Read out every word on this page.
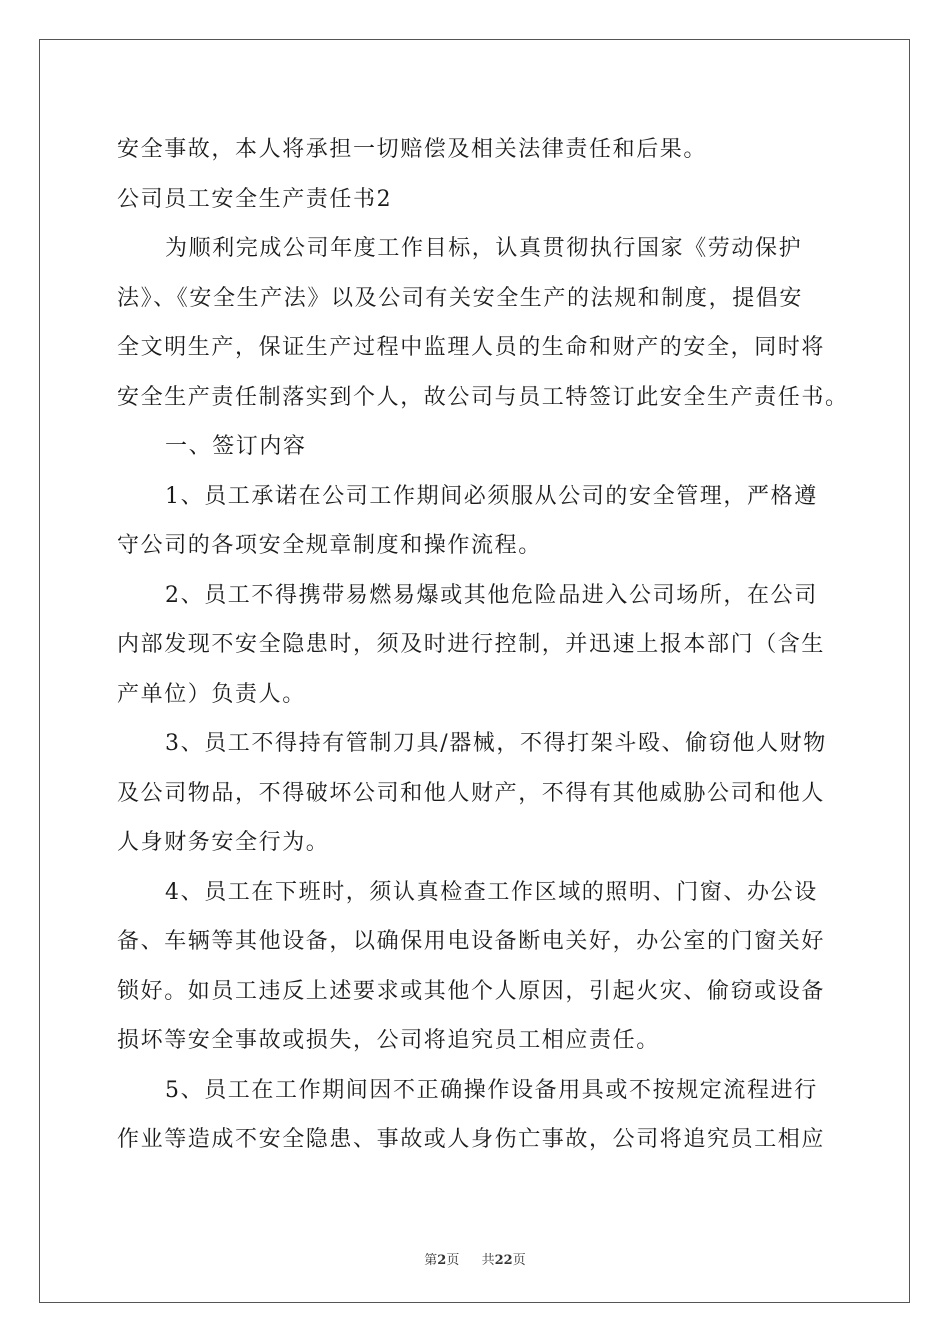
安全事故，本人将承担一切赔偿及相关法律责任和后果。
公司员工安全生产责任书2
为顺利完成公司年度工作目标，认真贯彻执行国家《劳动保护
法》、《安全生产法》以及公司有关安全生产的法规和制度，提倡安
全文明生产，保证生产过程中监理人员的生命和财产的安全，同时将
安全生产责任制落实到个人，故公司与员工特签订此安全生产责任书。
一、签订内容
1、员工承诺在公司工作期间必须服从公司的安全管理，严格遵
守公司的各项安全规章制度和操作流程。
2、员工不得携带易燃易爆或其他危险品进入公司场所，在公司
内部发现不安全隐患时，须及时进行控制，并迅速上报本部门（含生
产单位）负责人。
3、员工不得持有管制刀具/器械，不得打架斗殴、偷窃他人财物
及公司物品，不得破坏公司和他人财产，不得有其他威胁公司和他人
人身财务安全行为。
4、员工在下班时，须认真检查工作区域的照明、门窗、办公设
备、车辆等其他设备，以确保用电设备断电关好，办公室的门窗关好
锁好。如员工违反上述要求或其他个人原因，引起火灾、偷窃或设备
损坏等安全事故或损失，公司将追究员工相应责任。
5、员工在工作期间因不正确操作设备用具或不按规定流程进行
作业等造成不安全隐患、事故或人身伤亡事故，公司将追究员工相应
第2页 共22页
